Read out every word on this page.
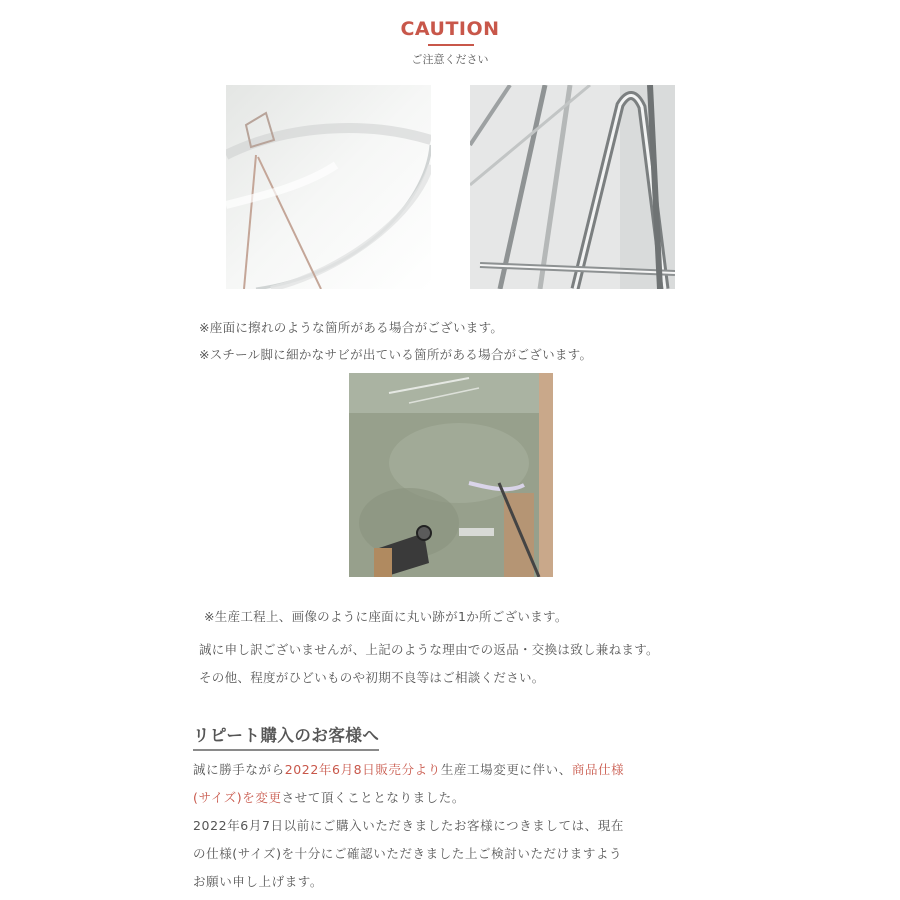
CAUTION
ご注意ください
※座面に擦れのような箇所がある場合がございます。
※スチール脚に細かなサビが出ている箇所がある場合がございます。
※生産工程上、画像のように座面に丸い跡が1か所ございます。
誠に申し訳ございませんが、上記のような理由での返品・交換は致し兼ねます。
その他、程度がひどいものや初期不良等はご相談ください。
リピート購入のお客様へ
誠に勝手ながら2022年6月8日販売分より生産工場変更に伴い、商品仕様
(サイズ)を変更させて頂くこととなりました。
2022年6月7日以前にご購入いただきましたお客様につきましては、現在
の仕様(サイズ)を十分にご確認いただきました上ご検討いただけますよう
お願い申し上げます。
